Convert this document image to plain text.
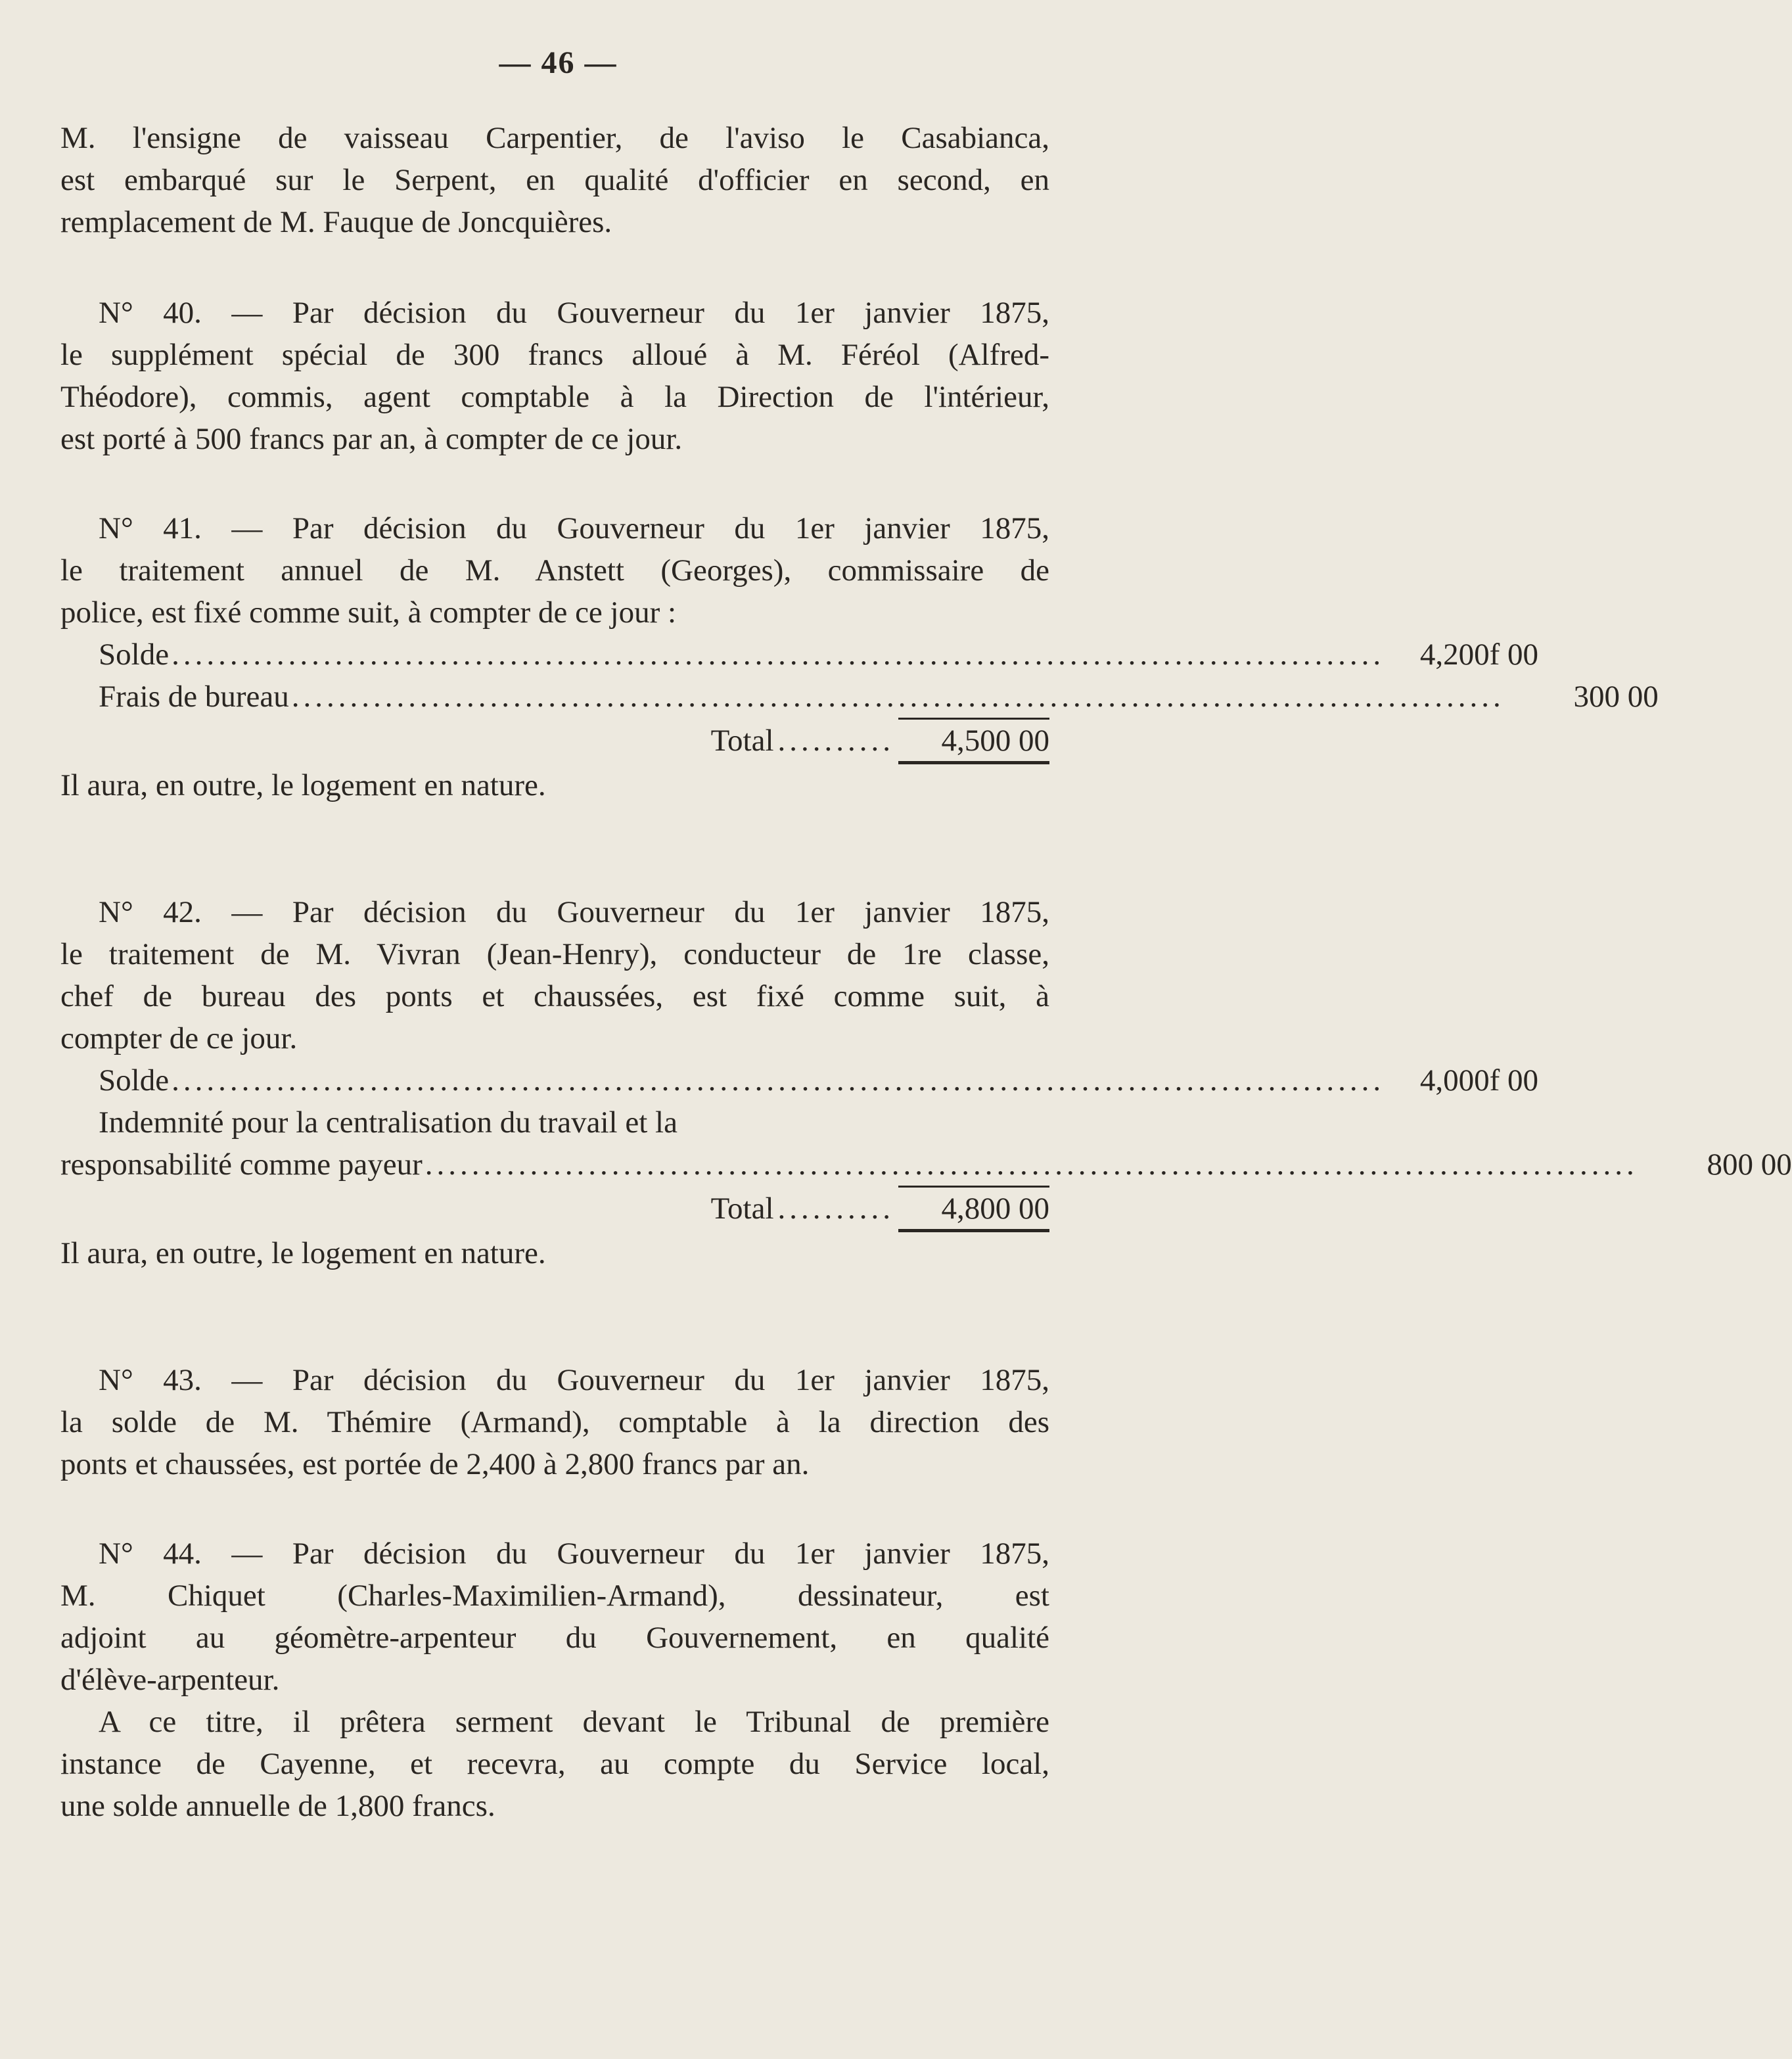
— 46 —
M. l'ensigne de vaisseau Carpentier, de l'aviso le Casabianca,
est embarqué sur le Serpent, en qualité d'officier en second, en
remplacement de M. Fauque de Joncquières.
N° 40. — Par décision du Gouverneur du 1er janvier 1875,
le supplément spécial de 300 francs alloué à M. Féréol (Alfred-
Théodore), commis, agent comptable à la Direction de l'intérieur,
est porté à 500 francs par an, à compter de ce jour.
N° 41. — Par décision du Gouverneur du 1er janvier 1875,
le traitement annuel de M. Anstett (Georges), commissaire de
police, est fixé comme suit, à compter de ce jour :
Solde ........................................................................................................	4,200f 00
Frais de bureau ........................................................................................................	300 00
Total ..........	4,500 00
Il aura, en outre, le logement en nature.
N° 42. — Par décision du Gouverneur du 1er janvier 1875,
le traitement de M. Vivran (Jean-Henry), conducteur de 1re classe,
chef de bureau des ponts et chaussées, est fixé comme suit, à
compter de ce jour.
Solde ........................................................................................................	4,000f 00
Indemnité pour la centralisation du travail et la
responsabilité comme payeur ........................................................................................................	800 00
Total ..........	4,800 00
Il aura, en outre, le logement en nature.
N° 43. — Par décision du Gouverneur du 1er janvier 1875,
la solde de M. Thémire (Armand), comptable à la direction des
ponts et chaussées, est portée de 2,400 à 2,800 francs par an.
N° 44. — Par décision du Gouverneur du 1er janvier 1875,
M. Chiquet (Charles-Maximilien-Armand), dessinateur, est
adjoint au géomètre-arpenteur du Gouvernement, en qualité
d'élève-arpenteur.
A ce titre, il prêtera serment devant le Tribunal de première
instance de Cayenne, et recevra, au compte du Service local,
une solde annuelle de 1,800 francs.
